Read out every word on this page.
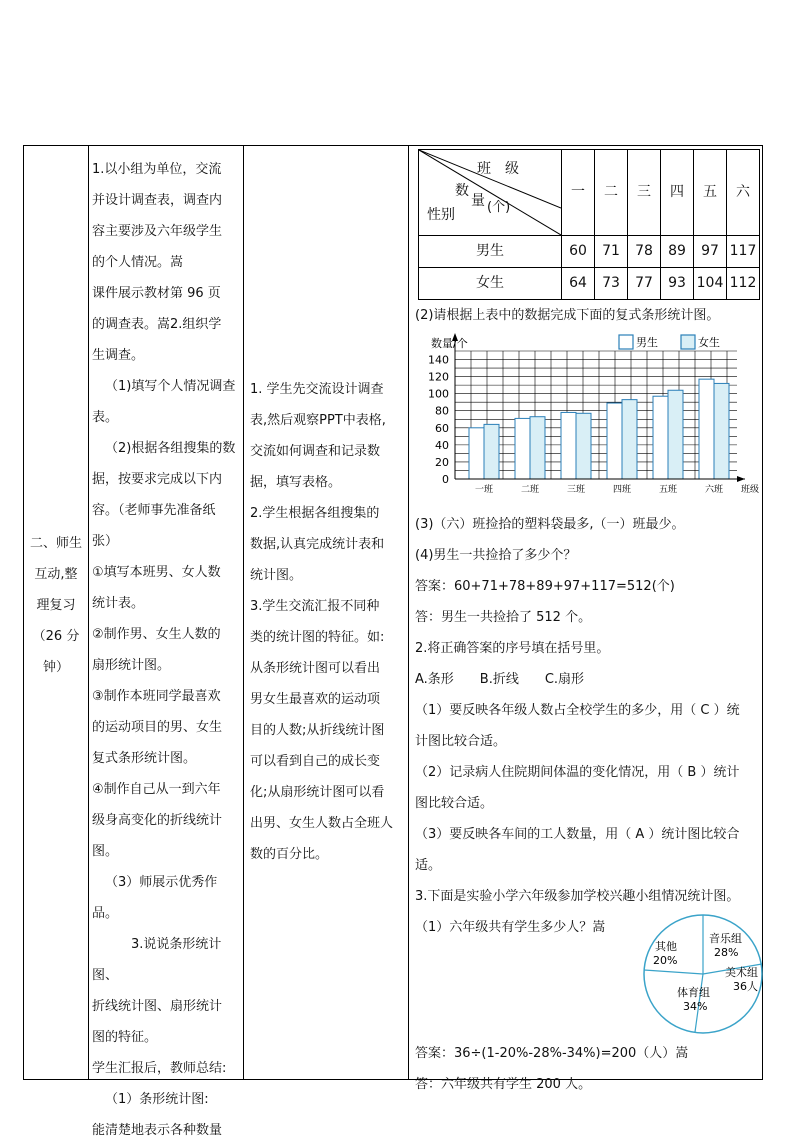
二、师生

互动,整

理复习

（26 分

钟）

1.以小组为单位，交流

并设计调查表，调查内

容主要涉及六年级学生

的个人情况。嵩

课件展示教材第 96 页

的调查表。嵩2.组织学

生调查。

（1)填写个人情况调查

表。

（2)根据各组搜集的数

据，按要求完成以下内

容。（老师事先准备纸

张）

①填写本班男、女人数

统计表。

②制作男、女生人数的

扇形统计图。

③制作本班同学最喜欢

的运动项目的男、女生

复式条形统计图。

④制作自己从一到六年

级身高变化的折线统计

图。

（3）师展示优秀作品。

3.说说条形统计图、

折线统计图、扇形统计

图的特征。

学生汇报后，教师总结:

（1）条形统计图:

能清楚地表示各种数量

1. 学生先交流设计调查

表,然后观察PPT中表格,

交流如何调查和记录数

据，填写表格。

2.学生根据各组搜集的

数据,认真完成统计表和

统计图。

3.学生交流汇报不同种

类的统计图的特征。如:

从条形统计图可以看出

男女生最喜欢的运动项

目的人数;从折线统计图

可以看到自己的成长变

化;从扇形统计图可以看

出男、女生人数占全班人

数的百分比。

班　级
数
量 (个)
性别	一	二	三	四	五	六
男生	60	71	78	89	97	117
女生	64	73	77	93	104	112
(2)请根据上表中的数据完成下面的复式条形统计图。
数量/个
班级
男生	女生
0
20
40
60
80
100
120
140
一班	二班	三班	四班	五班	六班
(3)（六）班捡拾的塑料袋最多,（一）班最少。
(4)男生一共捡拾了多少个？
答案：60+71+78+89+97+117=512(个)
答：男生一共捡拾了 512 个。
2.将正确答案的序号填在括号里。
A.条形　　B.折线　　C.扇形
（1）要反映各年级人数占全校学生的多少，用（ C ）统
计图比较合适。
（2）记录病人住院期间体温的变化情况，用（ B ）统计
图比较合适。
（3）要反映各车间的工人数量，用（ A ）统计图比较合
适。
3.下面是实验小学六年级参加学校兴趣小组情况统计图。
（1）六年级共有学生多少人？嵩
音乐组
28%
美术组
36人
体育组
34%
其他
20%
答案：36÷(1-20%-28%-34%)=200（人）嵩
答：六年级共有学生 200 人。
